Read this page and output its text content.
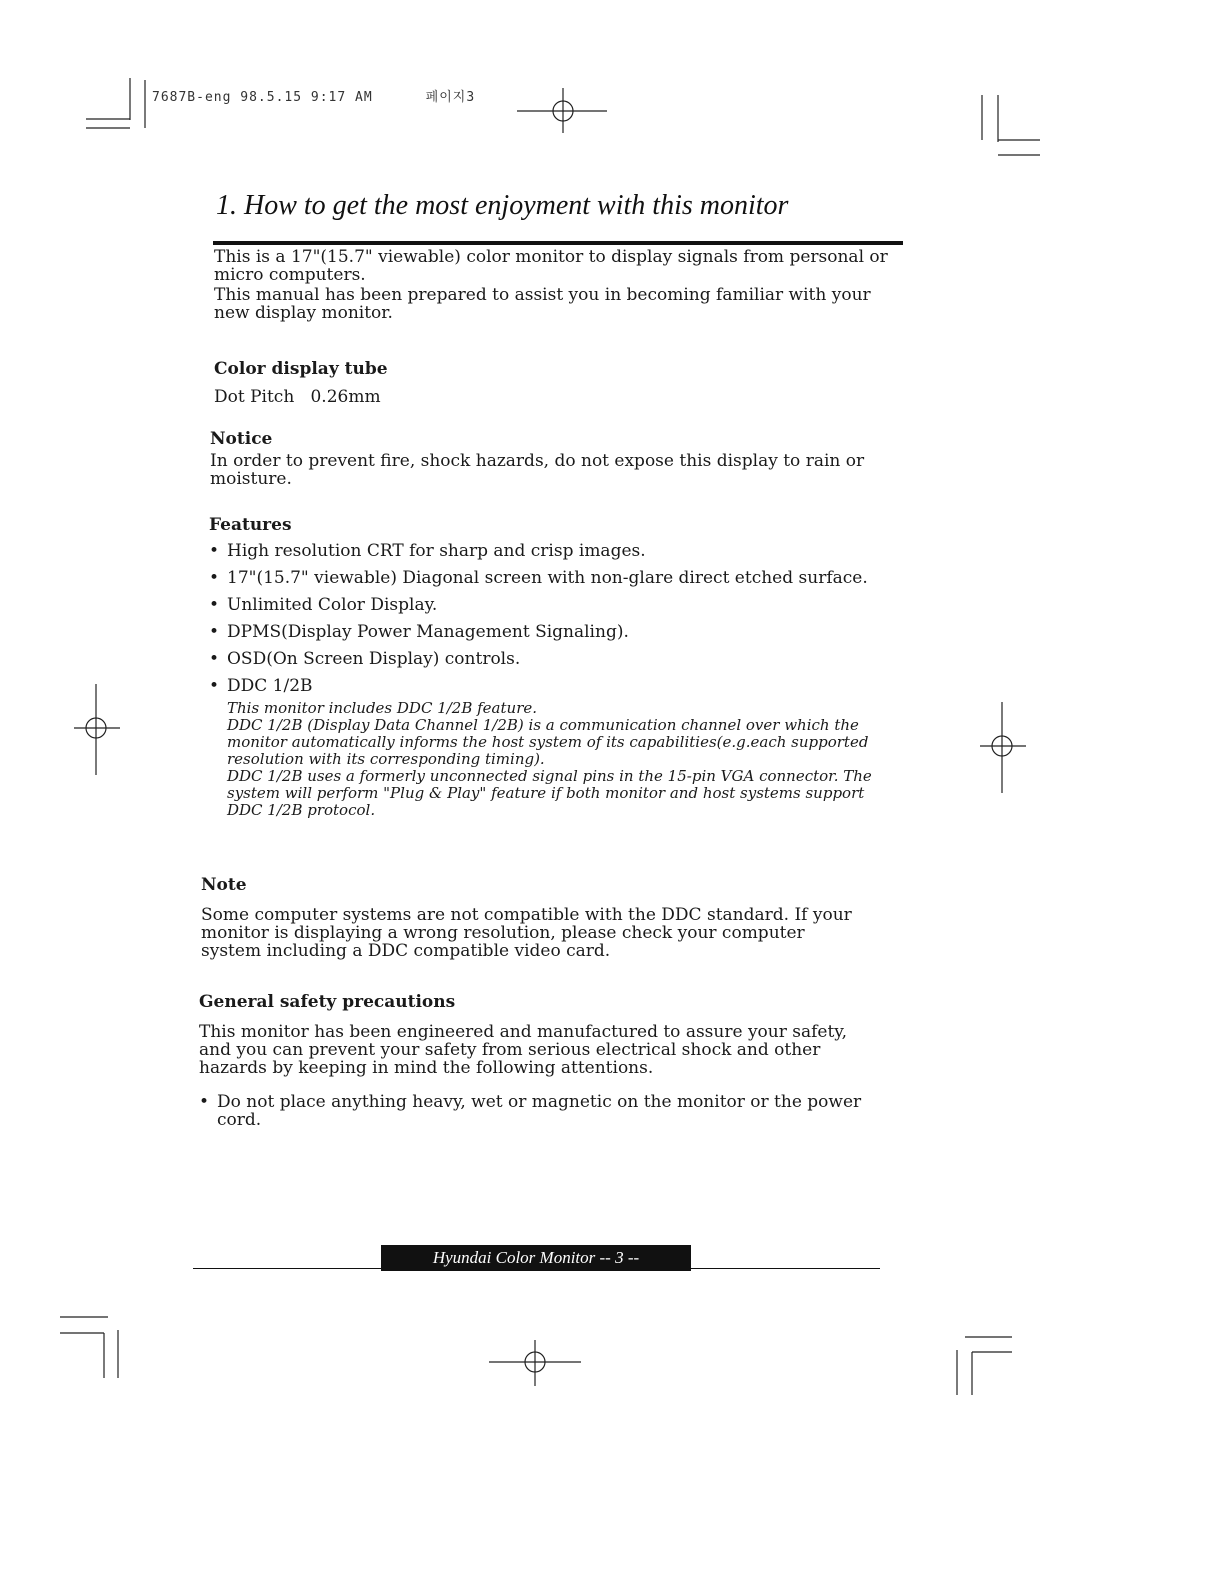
7687B-eng 98.5.15 9:17 AM	페이지3
1. How to get the most enjoyment with this monitor
This is a 17"(15.7" viewable) color monitor to display signals from personal or micro computers.
This manual has been prepared to assist you in becoming familiar with your new display monitor.
Color display tube
Dot Pitch   0.26mm
Notice
In order to prevent fire, shock hazards, do not expose this display to rain or moisture.
Features
• High resolution CRT for sharp and crisp images.
• 17"(15.7" viewable) Diagonal screen with non-glare direct etched surface.
• Unlimited Color Display.
• DPMS(Display Power Management Signaling).
• OSD(On Screen Display) controls.
• DDC 1/2B
This monitor includes DDC 1/2B feature.
DDC 1/2B (Display Data Channel 1/2B) is a communication channel over which the monitor automatically informs the host system of its capabilities(e.g.each supported resolution with its corresponding timing).
DDC 1/2B uses a formerly unconnected signal pins in the 15-pin VGA connector. The system will perform "Plug & Play" feature if both monitor and host systems support DDC 1/2B protocol.
Note
Some computer systems are not compatible with the DDC standard. If your monitor is displaying a wrong resolution, please check your computer system including a DDC compatible video card.
General safety precautions
This monitor has been engineered and manufactured to assure your safety, and you can prevent your safety from serious electrical shock and other hazards by keeping in mind the following attentions.
• Do not place anything heavy, wet or magnetic on the monitor or the power cord.
Hyundai Color Monitor -- 3 --
